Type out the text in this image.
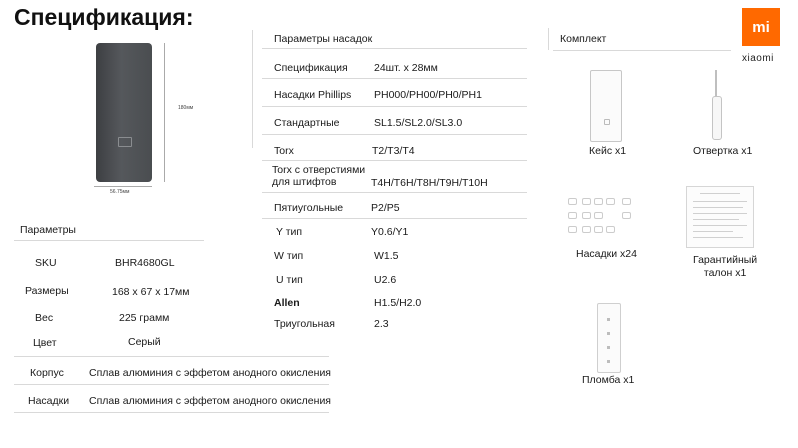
Спецификация:	mi
xiaomi
180мм
56.75мм
Параметры
SKU	BHR4680GL
Размеры	168 x 67 x 17мм
Вес	225 грамм
Цвет	Серый
Корпус Сплав алюминия с эффетом анодного окисления
Насадки Сплав алюминия с эффетом анодного окисления
Параметры насадок
Спецификация	24шт. х 28мм
Насадки Phillips PH000/PH00/PH0/PH1
Стандартные	SL1.5/SL2.0/SL3.0
Torx	T2/T3/T4
Torx с отверстиями
для штифтов	T4H/T6H/T8H/T9H/T10H
Пятиугольные	P2/P5
Y тип	Y0.6/Y1
W тип	W1.5
U тип	U2.6
Allen	H1.5/H2.0
Триугольная	2.3
Комплект
Кейс x1	Отвертка x1
Насадки x24	Гарантийный
талон x1
Пломба x1
